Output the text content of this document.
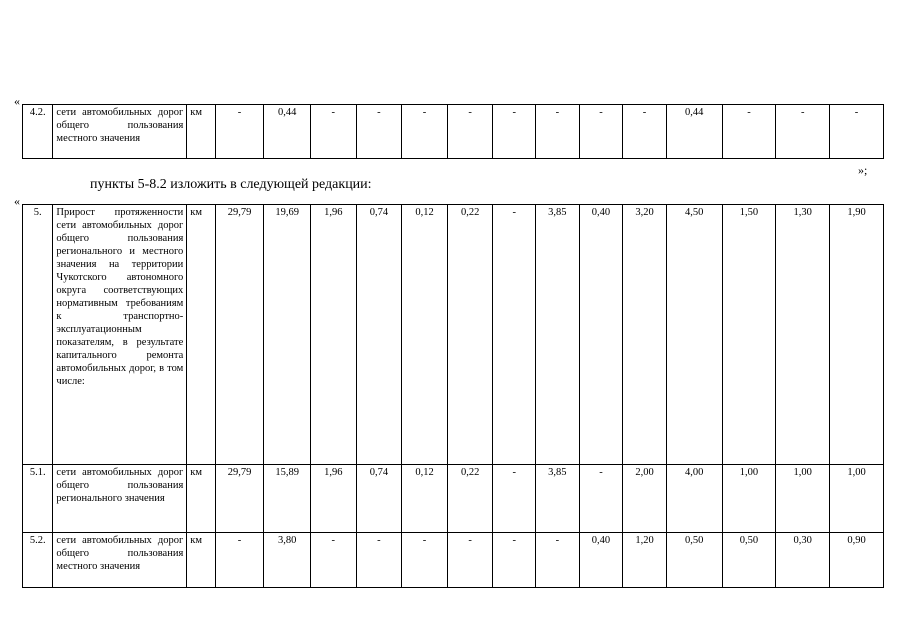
«
4.2.	сети автомобильных дорог общего пользования местного значения	км	-	0,44	-	-	-	-	-	-	-	-	0,44	-	-	-
»;
пункты 5-8.2 изложить в следующей редакции:
«
5.	Прирост протяженности сети автомобильных дорог общего пользования регионального и местного значения на территории Чукотского автономного округа соответствующих нормативным требованиям к транспортно-эксплуатационным показателям, в результате капитального ремонта автомобильных дорог, в том числе:	км	29,79	19,69	1,96	0,74	0,12	0,22	-	3,85	0,40	3,20	4,50	1,50	1,30	1,90
5.1.	сети автомобильных дорог общего пользования регионального значения	км	29,79	15,89	1,96	0,74	0,12	0,22	-	3,85	-	2,00	4,00	1,00	1,00	1,00
5.2.	сети автомобильных дорог общего пользования местного значения	км	-	3,80	-	-	-	-	-	-	0,40	1,20	0,50	0,50	0,30	0,90
